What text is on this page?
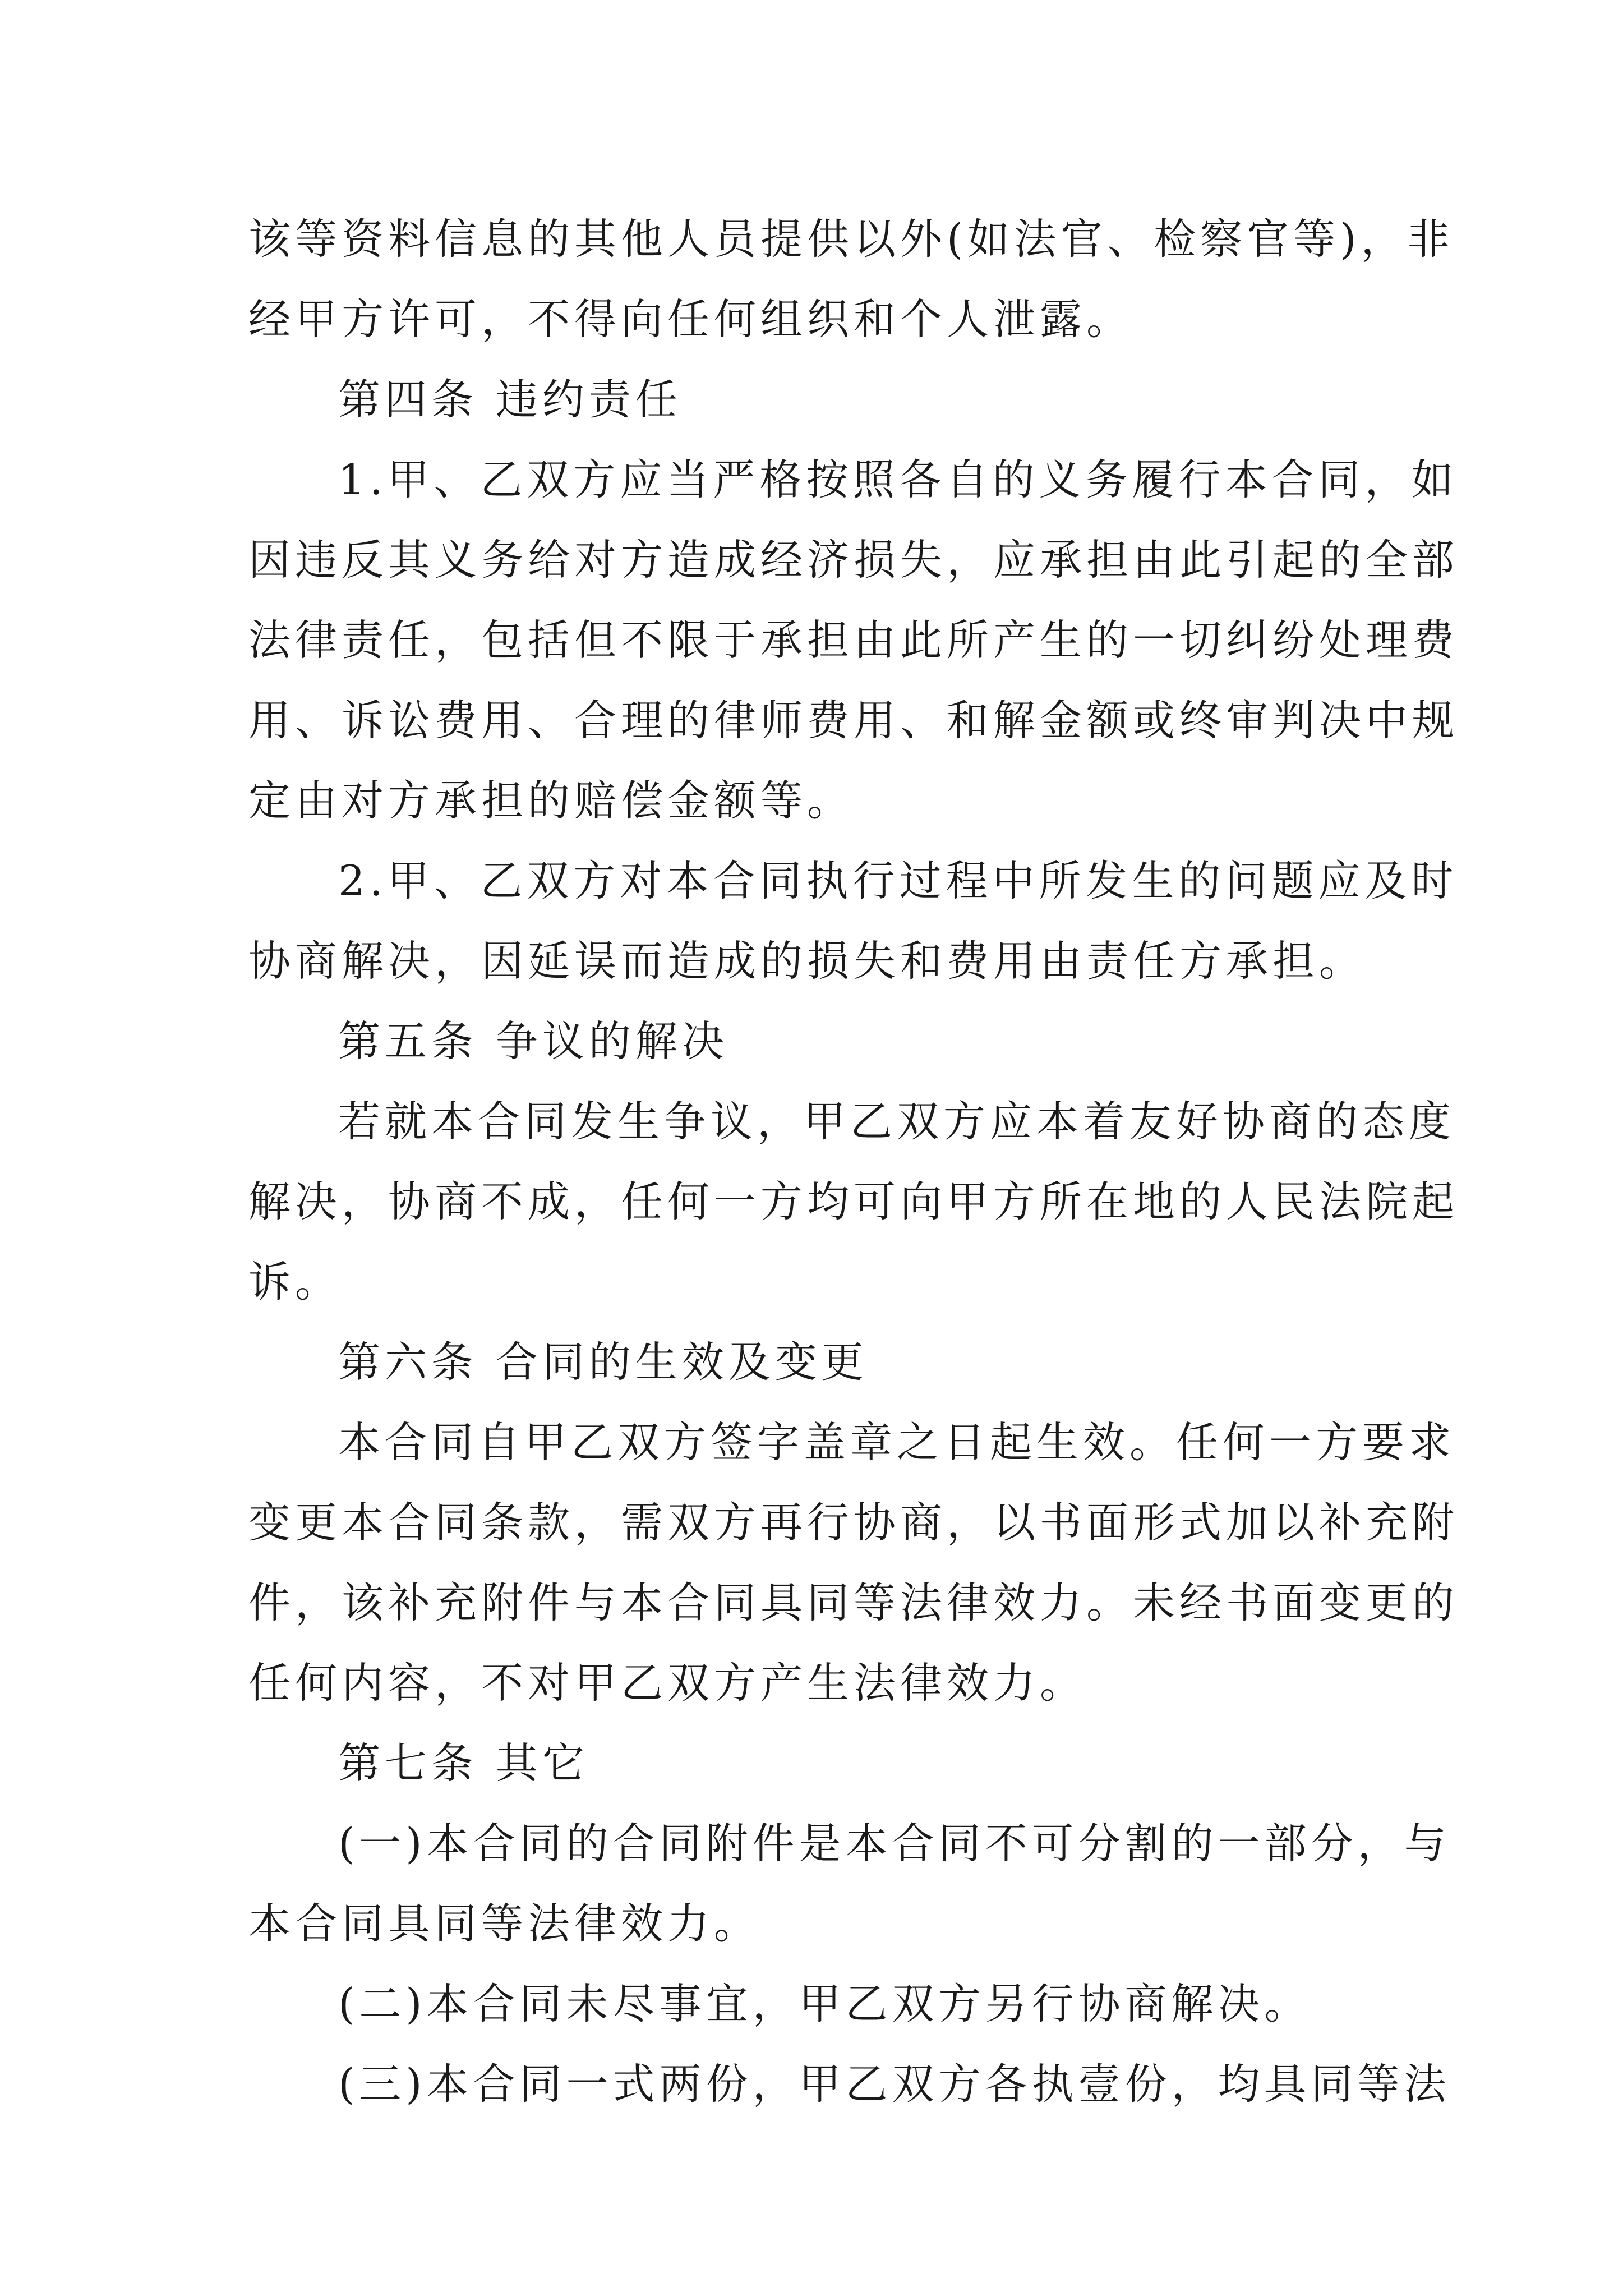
该等资料信息的其他人员提供以外(如法官、检察官等)，非
经甲方许可，不得向任何组织和个人泄露。
第四条 违约责任
1.甲、乙双方应当严格按照各自的义务履行本合同，如
因违反其义务给对方造成经济损失，应承担由此引起的全部
法律责任，包括但不限于承担由此所产生的一切纠纷处理费
用、诉讼费用、合理的律师费用、和解金额或终审判决中规
定由对方承担的赔偿金额等。
2.甲、乙双方对本合同执行过程中所发生的问题应及时
协商解决，因延误而造成的损失和费用由责任方承担。
第五条 争议的解决
若就本合同发生争议，甲乙双方应本着友好协商的态度
解决，协商不成，任何一方均可向甲方所在地的人民法院起
诉。
第六条 合同的生效及变更
本合同自甲乙双方签字盖章之日起生效。任何一方要求
变更本合同条款，需双方再行协商，以书面形式加以补充附
件，该补充附件与本合同具同等法律效力。未经书面变更的
任何内容，不对甲乙双方产生法律效力。
第七条 其它
(一)本合同的合同附件是本合同不可分割的一部分，与
本合同具同等法律效力。
(二)本合同未尽事宜，甲乙双方另行协商解决。
(三)本合同一式两份，甲乙双方各执壹份，均具同等法
